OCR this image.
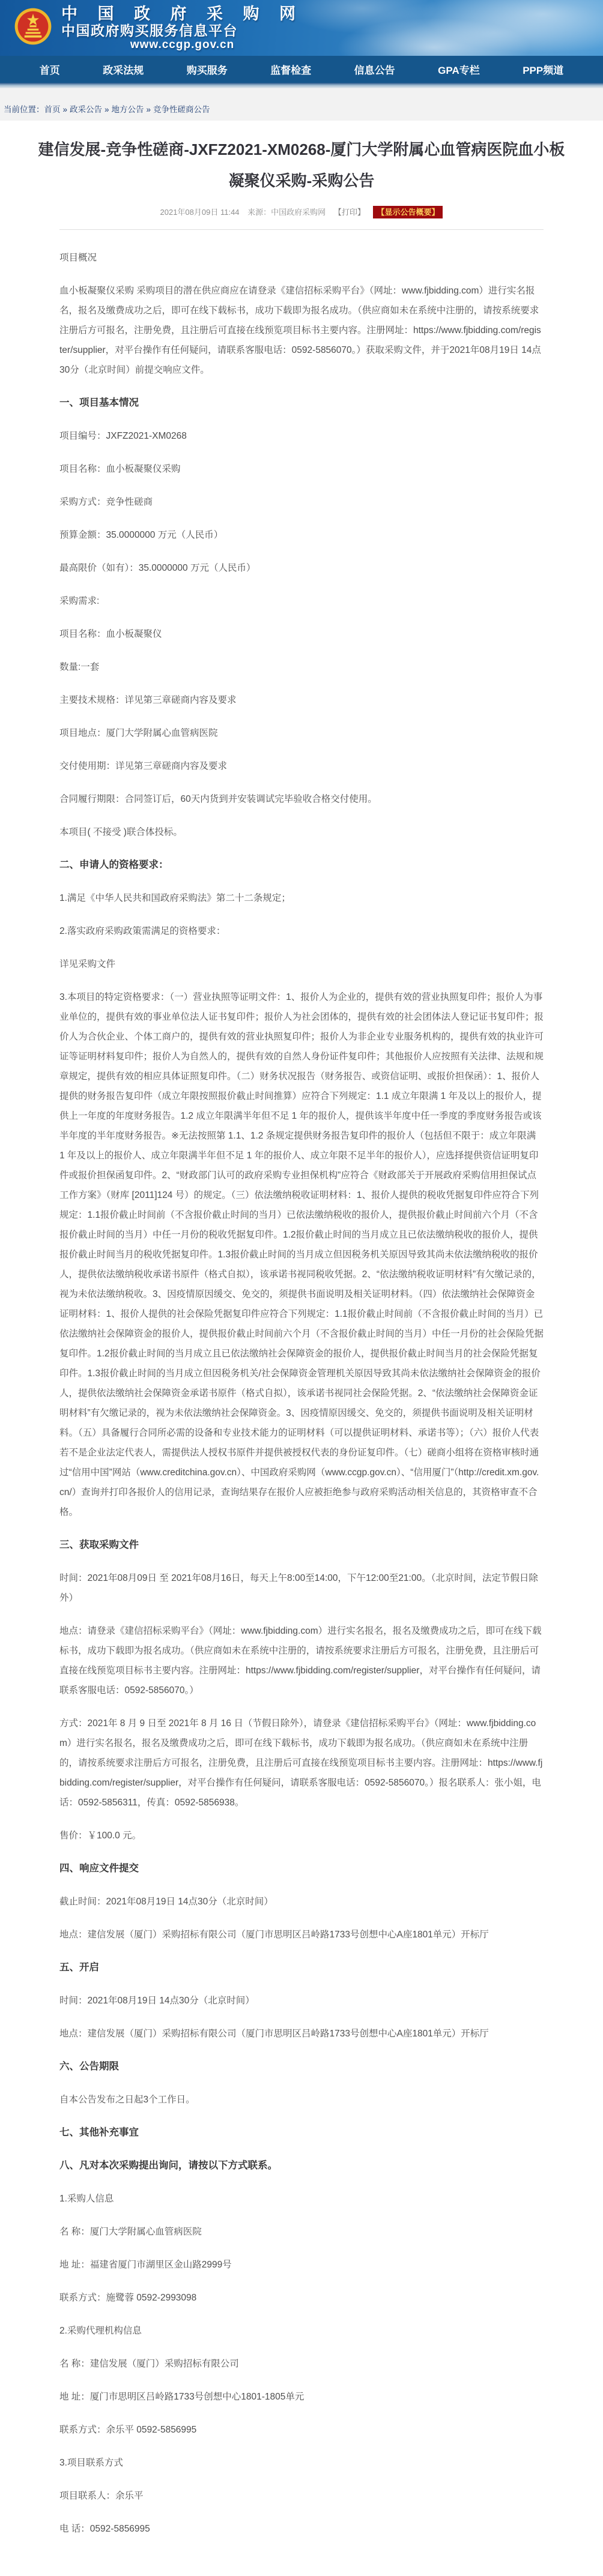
中 国 政 府 采 购 网
中国政府购买服务信息平台
www.ccgp.gov.cn
首页	政采法规	购买服务	监督检查	信息公告	GPA专栏	PPP频道
当前位置：首页 » 政采公告 » 地方公告 » 竞争性磋商公告
建信发展-竞争性磋商-JXFZ2021-XM0268-厦门大学附属心血管病医院血小板凝聚仪采购-采购公告
2021年08月09日 11:44 来源：中国政府采购网 【打印】 【显示公告概要】

项目概况

血小板凝聚仪采购 采购项目的潜在供应商应在请登录《建信招标采购平台》（网址：www.fjbidding.com）进行实名报名，报名及缴费成功之后，即可在线下载标书，成功下载即为报名成功。（供应商如未在系统中注册的，请按系统要求注册后方可报名，注册免费，且注册后可直接在线预览项目标书主要内容。注册网址：https://www.fjbidding.com/register/supplier，对平台操作有任何疑问，请联系客服电话：0592-5856070。）获取采购文件，并于2021年08月19日 14点30分（北京时间）前提交响应文件。

一、项目基本情况

项目编号：JXFZ2021-XM0268

项目名称：血小板凝聚仪采购

采购方式：竞争性磋商

预算金额：35.0000000 万元（人民币）

最高限价（如有）：35.0000000 万元（人民币）

采购需求:

项目名称：血小板凝聚仪

数量:一套

主要技术规格：详见第三章磋商内容及要求

项目地点：厦门大学附属心血管病医院

交付使用期：详见第三章磋商内容及要求

合同履行期限：合同签订后，60天内货到并安装调试完毕验收合格交付使用。

本项目( 不接受 )联合体投标。

二、申请人的资格要求：

1.满足《中华人民共和国政府采购法》第二十二条规定；

2.落实政府采购政策需满足的资格要求：

详见采购文件

3.本项目的特定资格要求：（一）营业执照等证明文件：1、报价人为企业的，提供有效的营业执照复印件；报价人为事业单位的，提供有效的事业单位法人证书复印件；报价人为社会团体的，提供有效的社会团体法人登记证书复印件；报价人为合伙企业、个体工商户的，提供有效的营业执照复印件；报价人为非企业专业服务机构的，提供有效的执业许可证等证明材料复印件；报价人为自然人的，提供有效的自然人身份证件复印件；其他报价人应按照有关法律、法规和规章规定，提供有效的相应具体证照复印件。（二）财务状况报告（财务报告、或资信证明、或报价担保函）：1、报价人提供的财务报告复印件（成立年限按照报价截止时间推算）应符合下列规定：1.1 成立年限满 1 年及以上的报价人，提供上一年度的年度财务报告。1.2 成立年限满半年但不足 1 年的报价人，提供该半年度中任一季度的季度财务报告或该半年度的半年度财务报告。※无法按照第 1.1、1.2 条规定提供财务报告复印件的报价人（包括但不限于：成立年限满 1 年及以上的报价人、成立年限满半年但不足 1 年的报价人、成立年限不足半年的报价人），应选择提供资信证明复印件或报价担保函复印件。2、“财政部门认可的政府采购专业担保机构”应符合《财政部关于开展政府采购信用担保试点工作方案》（财库 [2011]124 号）的规定。（三）依法缴纳税收证明材料：1、报价人提供的税收凭据复印件应符合下列规定：1.1报价截止时间前（不含报价截止时间的当月）已依法缴纳税收的报价人，提供报价截止时间前六个月（不含报价截止时间的当月）中任一月份的税收凭据复印件。1.2报价截止时间的当月成立且已依法缴纳税收的报价人，提供报价截止时间当月的税收凭据复印件。1.3报价截止时间的当月成立但因税务机关原因导致其尚未依法缴纳税收的报价人，提供依法缴纳税收承诺书原件（格式自拟），该承诺书视同税收凭据。2、“依法缴纳税收证明材料”有欠缴记录的，视为未依法缴纳税收。3、因疫情原因缓交、免交的，须提供书面说明及相关证明材料。（四）依法缴纳社会保障资金证明材料：1、报价人提供的社会保险凭据复印件应符合下列规定：1.1报价截止时间前（不含报价截止时间的当月）已依法缴纳社会保障资金的报价人，提供报价截止时间前六个月（不含报价截止时间的当月）中任一月份的社会保险凭据复印件。1.2报价截止时间的当月成立且已依法缴纳社会保障资金的报价人，提供报价截止时间当月的社会保险凭据复印件。1.3报价截止时间的当月成立但因税务机关/社会保障资金管理机关原因导致其尚未依法缴纳社会保障资金的报价人，提供依法缴纳社会保障资金承诺书原件（格式自拟），该承诺书视同社会保险凭据。2、“依法缴纳社会保障资金证明材料”有欠缴记录的，视为未依法缴纳社会保障资金。3、因疫情原因缓交、免交的，须提供书面说明及相关证明材料。（五）具备履行合同所必需的设备和专业技术能力的证明材料（可以提供证明材料、承诺书等）；（六）报价人代表若不是企业法定代表人，需提供法人授权书原件并提供被授权代表的身份证复印件。（七）磋商小组将在资格审核时通过“信用中国”网站（www.creditchina.gov.cn）、中国政府采购网（www.ccgp.gov.cn）、“信用厦门”（http://credit.xm.gov.cn/）查询并打印各报价人的信用记录，查询结果存在报价人应被拒绝参与政府采购活动相关信息的，其资格审查不合格。

三、获取采购文件

时间：2021年08月09日 至 2021年08月16日，每天上午8:00至14:00，下午12:00至21:00。（北京时间，法定节假日除外）

地点：请登录《建信招标采购平台》（网址：www.fjbidding.com）进行实名报名，报名及缴费成功之后，即可在线下载标书，成功下载即为报名成功。（供应商如未在系统中注册的，请按系统要求注册后方可报名，注册免费，且注册后可直接在线预览项目标书主要内容。注册网址：https://www.fjbidding.com/register/supplier，对平台操作有任何疑问，请联系客服电话：0592-5856070。）

方式：2021年 8 月 9 日至 2021年 8 月 16 日（节假日除外），请登录《建信招标采购平台》（网址：www.fjbidding.com）进行实名报名，报名及缴费成功之后，即可在线下载标书，成功下载即为报名成功。（供应商如未在系统中注册的，请按系统要求注册后方可报名，注册免费，且注册后可直接在线预览项目标书主要内容。注册网址：https://www.fjbidding.com/register/supplier，对平台操作有任何疑问，请联系客服电话：0592-5856070。）报名联系人：张小姐，电话：0592-5856311，传真：0592-5856938。

售价：￥100.0 元。

四、响应文件提交

截止时间：2021年08月19日 14点30分（北京时间）

地点：建信发展（厦门）采购招标有限公司（厦门市思明区吕岭路1733号创想中心A座1801单元）开标厅

五、开启

时间：2021年08月19日 14点30分（北京时间）

地点：建信发展（厦门）采购招标有限公司（厦门市思明区吕岭路1733号创想中心A座1801单元）开标厅

六、公告期限

自本公告发布之日起3个工作日。

七、其他补充事宜
八、凡对本次采购提出询问，请按以下方式联系。

1.采购人信息

名 称：厦门大学附属心血管病医院

地 址：福建省厦门市湖里区金山路2999号

联系方式：施鹭蓉 0592-2993098

2.采购代理机构信息

名 称：建信发展（厦门）采购招标有限公司

地 址：厦门市思明区吕岭路1733号创想中心1801-1805单元

联系方式：余乐平 0592-5856995

3.项目联系方式

项目联系人：余乐平

电 话：0592-5856995
